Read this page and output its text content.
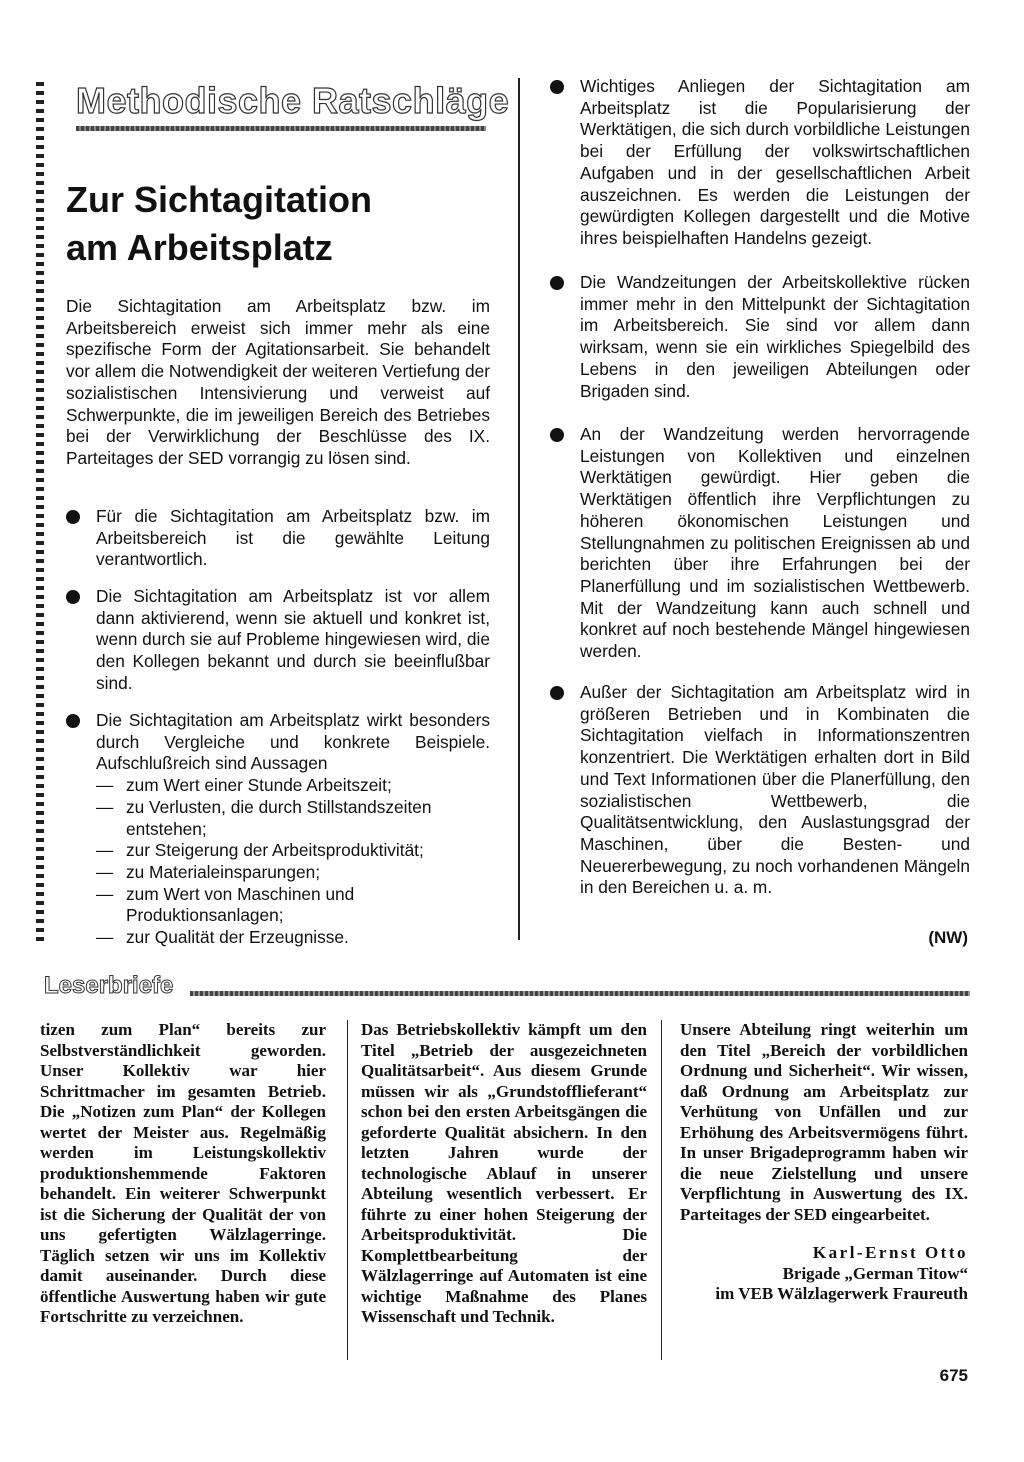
Methodische Ratschläge
Zur Sichtagitation
am Arbeitsplatz

Die Sichtagitation am Arbeitsplatz bzw. im Arbeitsbereich erweist sich immer mehr als eine spezifische Form der Agitationsarbeit. Sie behandelt vor allem die Notwendigkeit der weiteren Vertiefung der sozialistischen Intensivierung und verweist auf Schwerpunkte, die im jeweiligen Bereich des Betriebes bei der Verwirklichung der Beschlüsse des IX. Parteitages der SED vorrangig zu lösen sind.

Für die Sichtagitation am Arbeitsplatz bzw. im Arbeitsbereich ist die gewählte Leitung verantwortlich.
Die Sichtagitation am Arbeitsplatz ist vor allem dann aktivierend, wenn sie aktuell und konkret ist, wenn durch sie auf Probleme hingewiesen wird, die den Kollegen bekannt und durch sie beeinflußbar sind.
Die Sichtagitation am Arbeitsplatz wirkt besonders durch Vergleiche und konkrete Beispiele. Aufschlußreich sind Aussagen
— zum Wert einer Stunde Arbeitszeit;
— zu Verlusten, die durch Stillstandszeiten entstehen;
— zur Steigerung der Arbeitsproduktivität;
— zu Materialeinsparungen;
— zum Wert von Maschinen und Produktionsanlagen;
— zur Qualität der Erzeugnisse.
Wichtiges Anliegen der Sichtagitation am Arbeitsplatz ist die Popularisierung der Werktätigen, die sich durch vorbildliche Leistungen bei der Erfüllung der volkswirtschaftlichen Aufgaben und in der gesellschaftlichen Arbeit auszeichnen. Es werden die Leistungen der gewürdigten Kollegen dargestellt und die Motive ihres beispielhaften Handelns gezeigt.
Die Wandzeitungen der Arbeitskollektive rücken immer mehr in den Mittelpunkt der Sichtagitation im Arbeitsbereich. Sie sind vor allem dann wirksam, wenn sie ein wirkliches Spiegelbild des Lebens in den jeweiligen Abteilungen oder Brigaden sind.
An der Wandzeitung werden hervorragende Leistungen von Kollektiven und einzelnen Werktätigen gewürdigt. Hier geben die Werktätigen öffentlich ihre Verpflichtungen zu höheren ökonomischen Leistungen und Stellungnahmen zu politischen Ereignissen ab und berichten über ihre Erfahrungen bei der Planerfüllung und im sozialistischen Wettbewerb. Mit der Wandzeitung kann auch schnell und konkret auf noch bestehende Mängel hingewiesen werden.
Außer der Sichtagitation am Arbeitsplatz wird in größeren Betrieben und in Kombinaten die Sichtagitation vielfach in Informationszentren konzentriert. Die Werktätigen erhalten dort in Bild und Text Informationen über die Planerfüllung, den sozialistischen Wettbewerb, die Qualitätsentwicklung, den Auslastungsgrad der Maschinen, über die Besten- und Neuererbewegung, zu noch vorhandenen Mängeln in den Bereichen u. a. m.
(NW)
Leserbriefe

tizen zum Plan“ bereits zur Selbstverständlichkeit geworden. Unser Kollektiv war hier Schrittmacher im gesamten Betrieb. Die „Notizen zum Plan“ der Kollegen wertet der Meister aus. Regelmäßig werden im Leistungskollektiv produktionshemmende Faktoren behandelt. Ein weiterer Schwerpunkt ist die Sicherung der Qualität der von uns gefertigten Wälzlagerringe. Täglich setzen wir uns im Kollektiv damit auseinander. Durch diese öffentliche Auswertung haben wir gute Fortschritte zu verzeichnen.

Das Betriebskollektiv kämpft um den Titel „Betrieb der ausgezeichneten Qualitätsarbeit“. Aus diesem Grunde müssen wir als „Grundstofflieferant“ schon bei den ersten Arbeitsgängen die geforderte Qualität absichern. In den letzten Jahren wurde der technologische Ablauf in unserer Abteilung wesentlich verbessert. Er führte zu einer hohen Steigerung der Arbeitsproduktivität. Die Komplettbearbeitung der Wälzlagerringe auf Automaten ist eine wichtige Maßnahme des Planes Wissenschaft und Technik.

Unsere Abteilung ringt weiterhin um den Titel „Bereich der vorbildlichen Ordnung und Sicherheit“. Wir wissen, daß Ordnung am Arbeitsplatz zur Verhütung von Unfällen und zur Erhöhung des Arbeitsvermögens führt. In unser Brigadeprogramm haben wir die neue Zielstellung und unsere Verpflichtung in Auswertung des IX. Parteitages der SED eingearbeitet.

Karl-Ernst Otto

Brigade „German Titow“

im VEB Wälzlagerwerk Fraureuth

675
